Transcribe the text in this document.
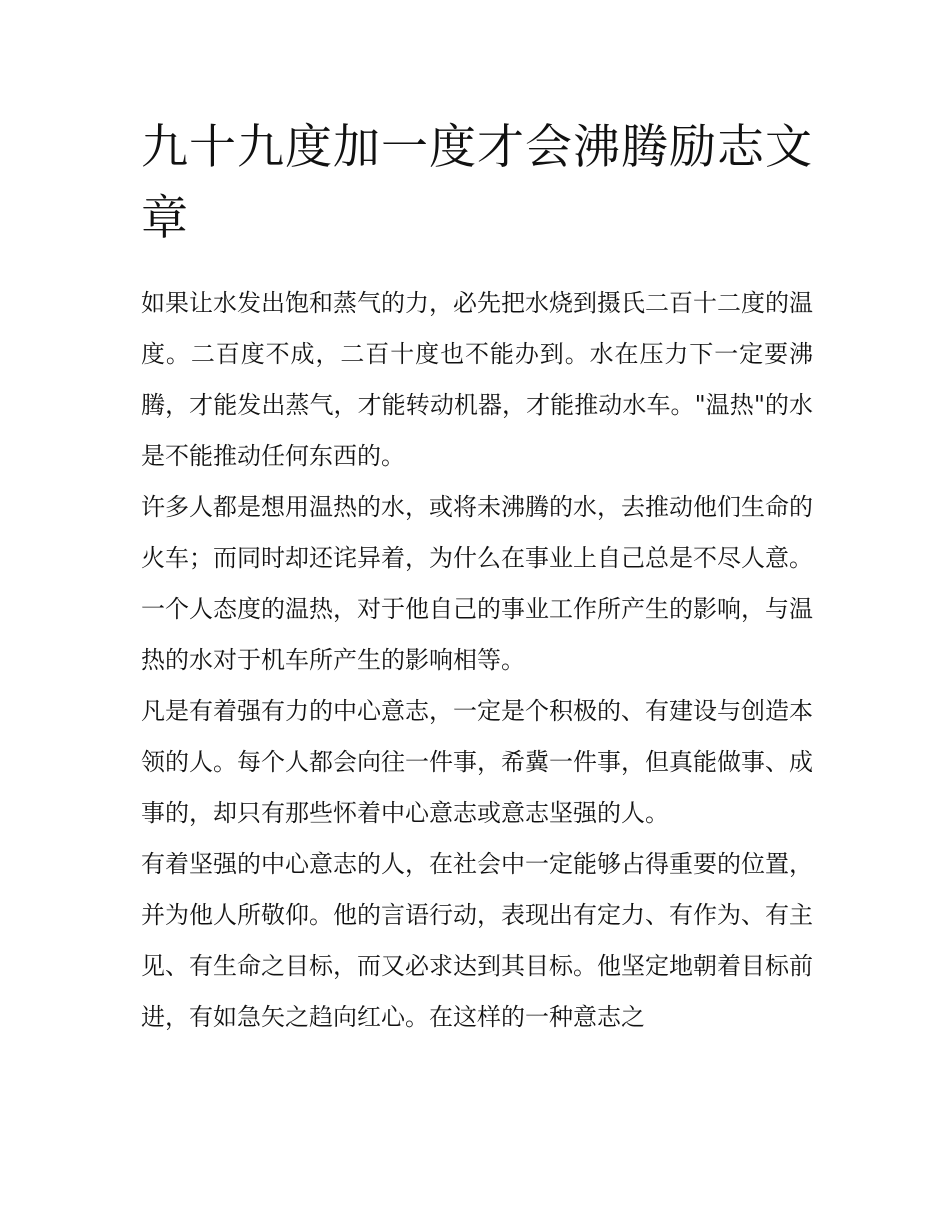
九十九度加一度才会沸腾励志文章

如果让水发出饱和蒸气的力，必先把水烧到摄氏二百十二度的温度。二百度不成，二百十度也不能办到。水在压力下一定要沸腾，才能发出蒸气，才能转动机器，才能推动水车。"温热"的水是不能推动任何东西的。

许多人都是想用温热的水，或将未沸腾的水，去推动他们生命的火车；而同时却还诧异着，为什么在事业上自己总是不尽人意。

一个人态度的温热，对于他自己的事业工作所产生的影响，与温热的水对于机车所产生的影响相等。

凡是有着强有力的中心意志，一定是个积极的、有建设与创造本领的人。每个人都会向往一件事，希冀一件事，但真能做事、成事的，却只有那些怀着中心意志或意志坚强的人。

有着坚强的中心意志的人，在社会中一定能够占得重要的位置，并为他人所敬仰。他的言语行动，表现出有定力、有作为、有主见、有生命之目标，而又必求达到其目标。他坚定地朝着目标前进，有如急矢之趋向红心。在这样的一种意志之
